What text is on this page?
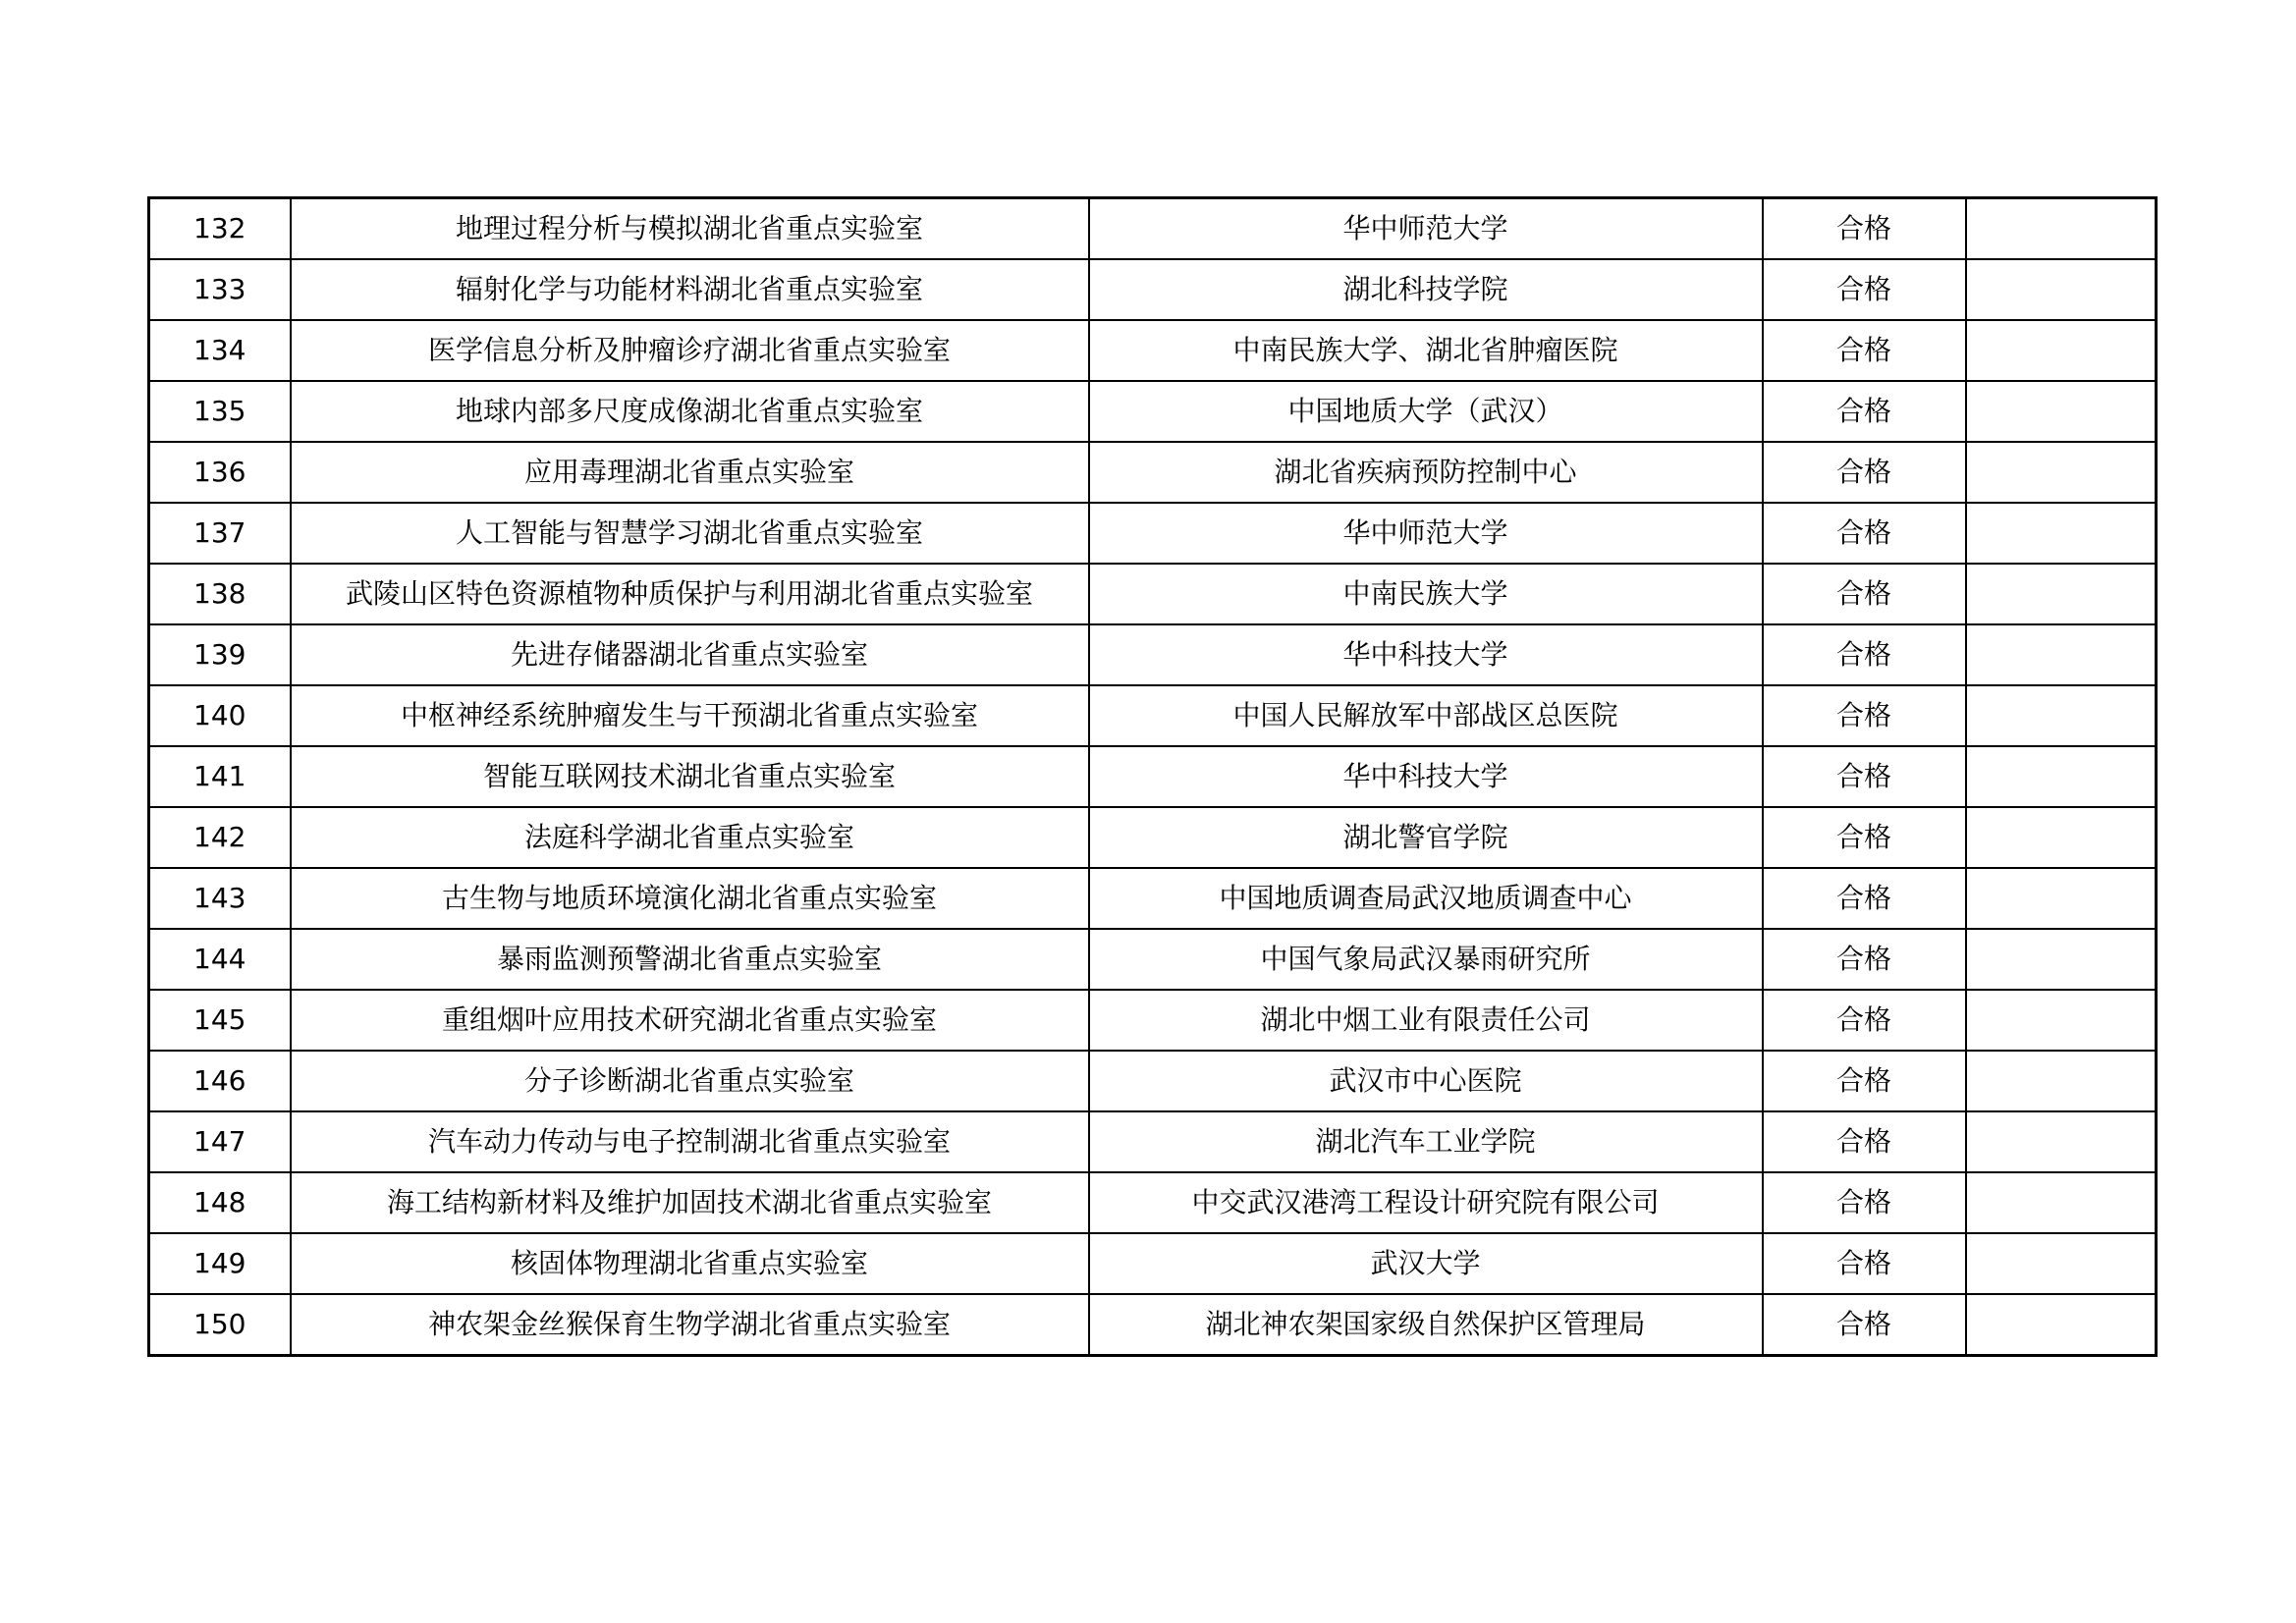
132	地理过程分析与模拟湖北省重点实验室	华中师范大学	合格	
133	辐射化学与功能材料湖北省重点实验室	湖北科技学院	合格	
134	医学信息分析及肿瘤诊疗湖北省重点实验室	中南民族大学、湖北省肿瘤医院	合格	
135	地球内部多尺度成像湖北省重点实验室	中国地质大学（武汉）	合格	
136	应用毒理湖北省重点实验室	湖北省疾病预防控制中心	合格	
137	人工智能与智慧学习湖北省重点实验室	华中师范大学	合格	
138	武陵山区特色资源植物种质保护与利用湖北省重点实验室	中南民族大学	合格	
139	先进存储器湖北省重点实验室	华中科技大学	合格	
140	中枢神经系统肿瘤发生与干预湖北省重点实验室	中国人民解放军中部战区总医院	合格	
141	智能互联网技术湖北省重点实验室	华中科技大学	合格	
142	法庭科学湖北省重点实验室	湖北警官学院	合格	
143	古生物与地质环境演化湖北省重点实验室	中国地质调查局武汉地质调查中心	合格	
144	暴雨监测预警湖北省重点实验室	中国气象局武汉暴雨研究所	合格	
145	重组烟叶应用技术研究湖北省重点实验室	湖北中烟工业有限责任公司	合格	
146	分子诊断湖北省重点实验室	武汉市中心医院	合格	
147	汽车动力传动与电子控制湖北省重点实验室	湖北汽车工业学院	合格	
148	海工结构新材料及维护加固技术湖北省重点实验室	中交武汉港湾工程设计研究院有限公司	合格	
149	核固体物理湖北省重点实验室	武汉大学	合格	
150	神农架金丝猴保育生物学湖北省重点实验室	湖北神农架国家级自然保护区管理局	合格	
